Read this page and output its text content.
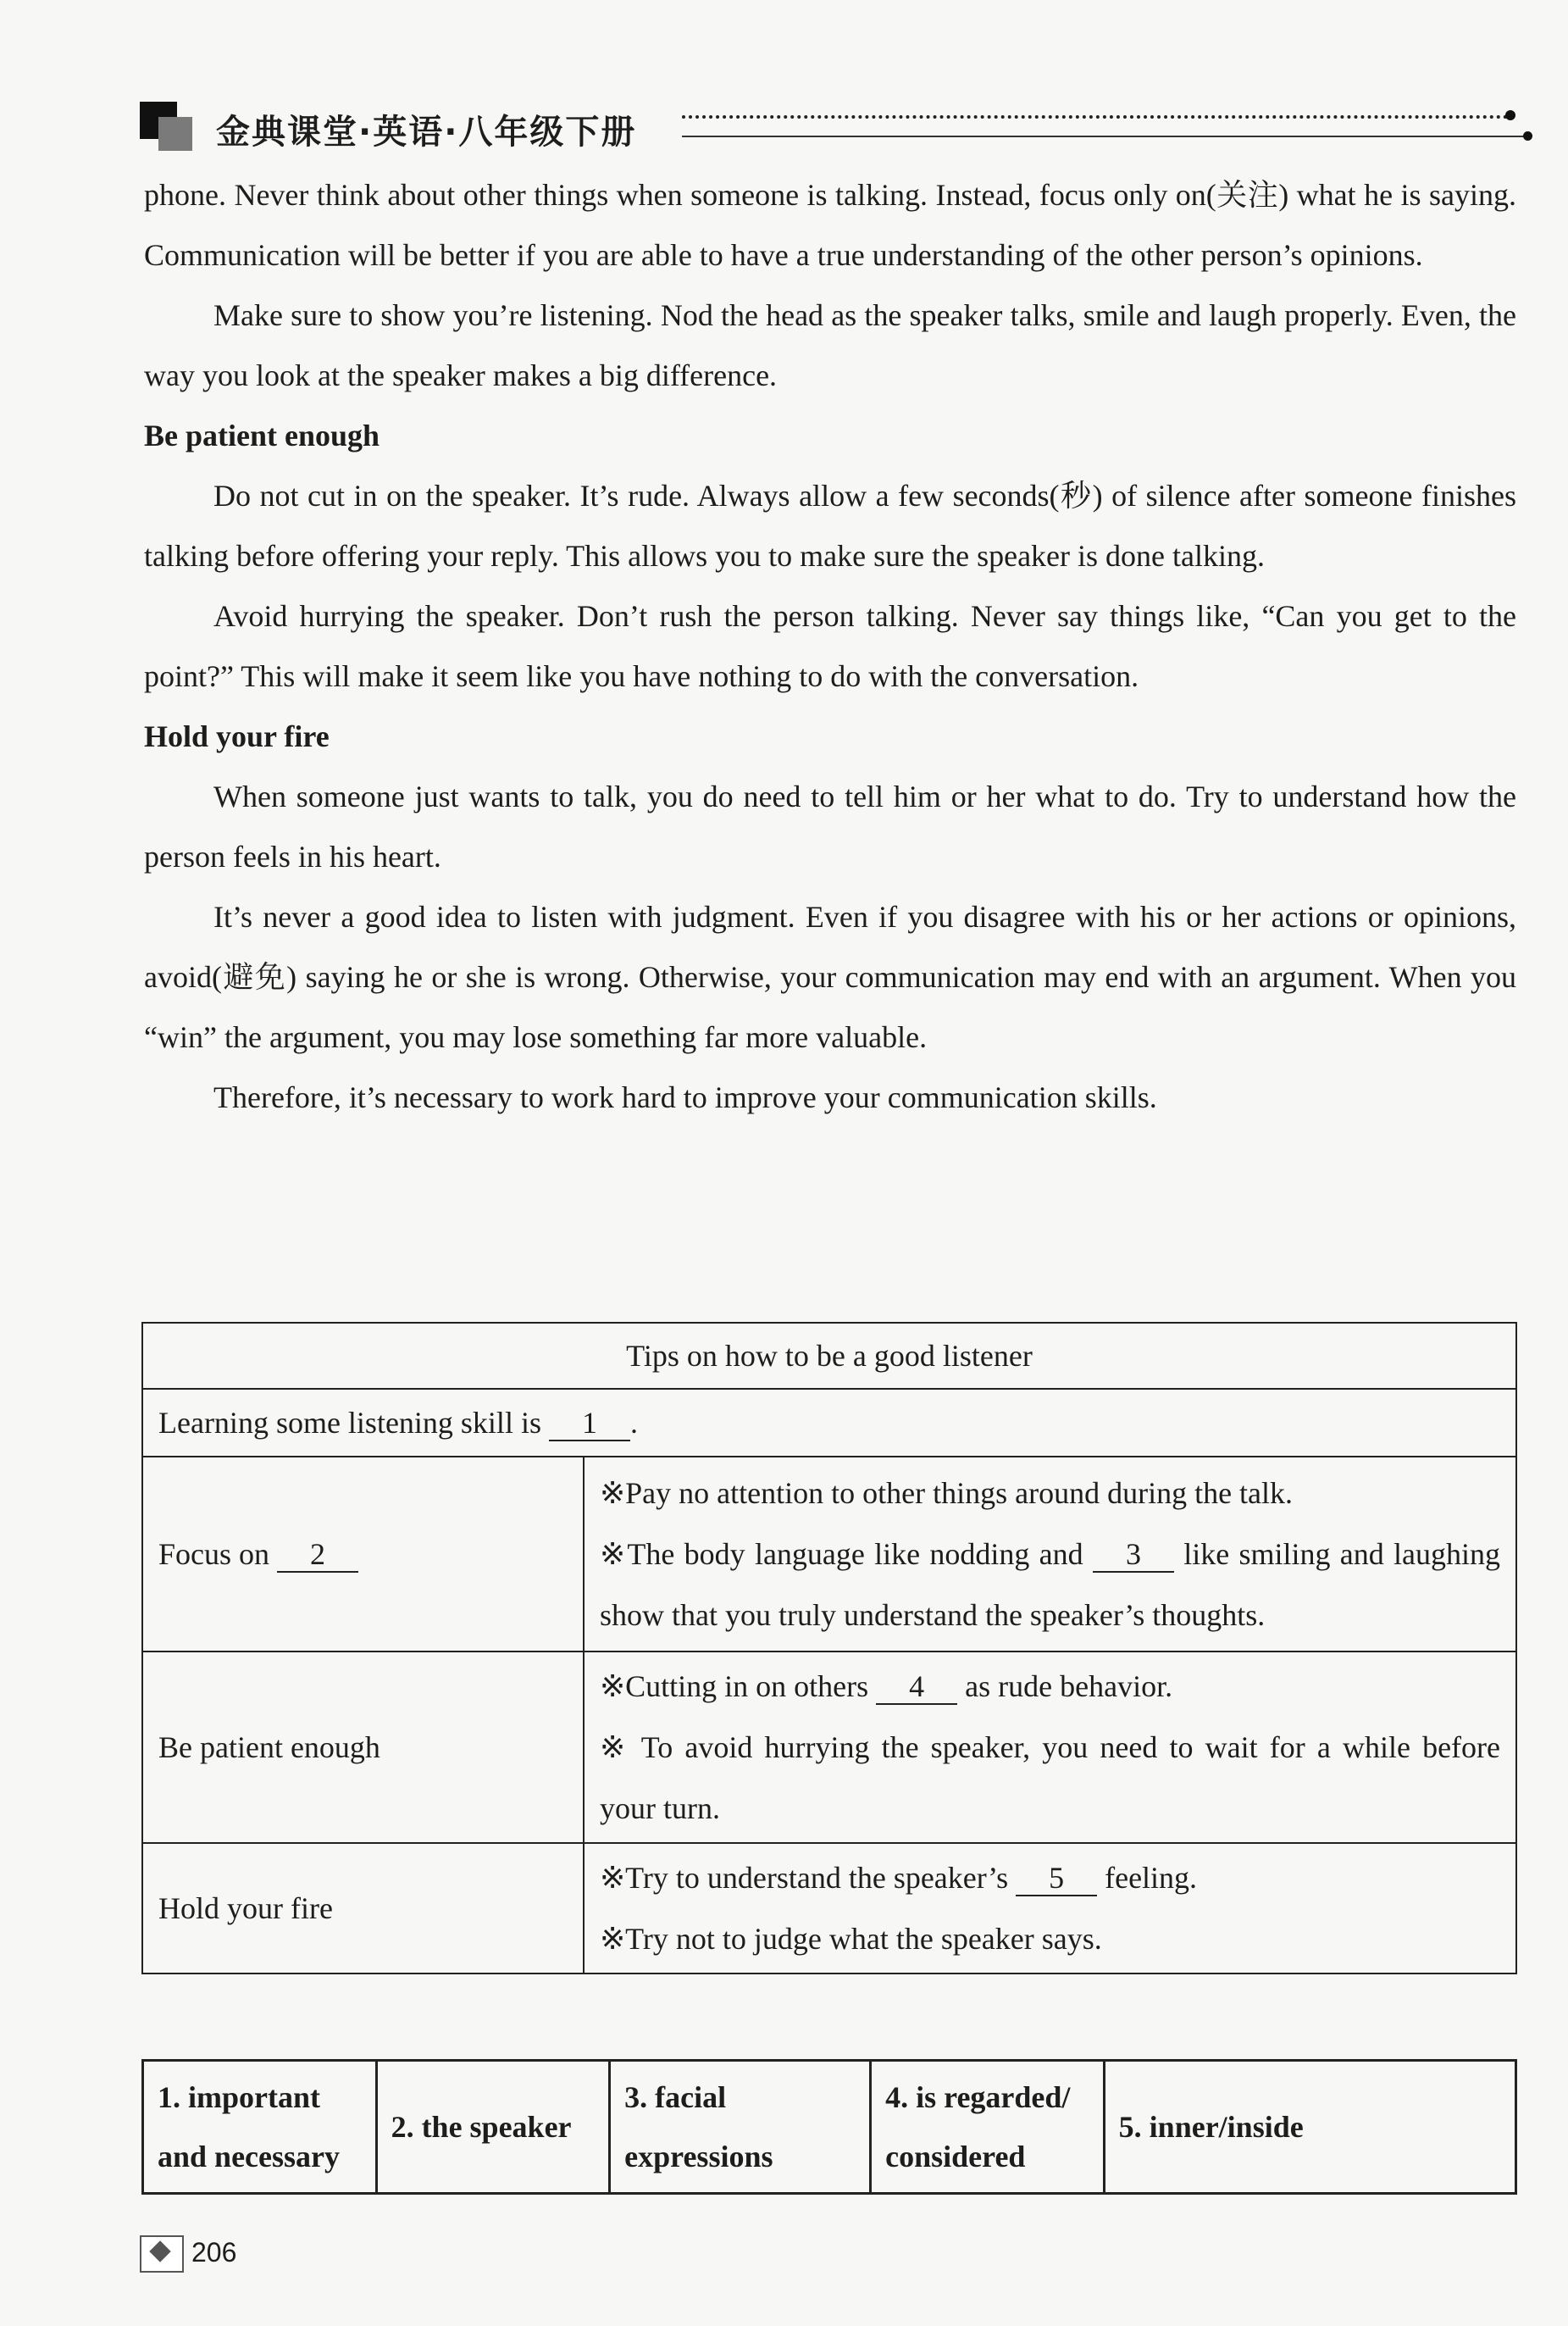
金典课堂·英语·八年级下册

phone. Never think about other things when someone is talking. Instead, focus only on(关注) what he is saying. Communication will be better if you are able to have a true understanding of the other person’s opinions.

Make sure to show you’re listening. Nod the head as the speaker talks, smile and laugh properly. Even, the way you look at the speaker makes a big difference.

Be patient enough

Do not cut in on the speaker. It’s rude. Always allow a few seconds(秒) of silence after someone finishes talking before offering your reply. This allows you to make sure the speaker is done talking.

Avoid hurrying the speaker. Don’t rush the person talking. Never say things like, “Can you get to the point?” This will make it seem like you have nothing to do with the conversation.

Hold your fire

When someone just wants to talk, you do need to tell him or her what to do. Try to understand how the person feels in his heart.

It’s never a good idea to listen with judgment. Even if you disagree with his or her actions or opinions, avoid(避免) saying he or she is wrong. Otherwise, your communication may end with an argument. When you “win” the argument, you may lose something far more valuable.

Therefore, it’s necessary to work hard to improve your communication skills.

Tips on how to be a good listener	
Learning some listening skill is 1 .	
Focus on 2	※Pay no attention to other things around during the talk.

※The body language like nodding and 3 like smiling and laughing show that you truly understand the speaker’s thoughts.

Be patient enough	※Cutting in on others 4 as rude behavior.

※ To avoid hurrying the speaker, you need to wait for a while before your turn.

Hold your fire	※Try to understand the speaker’s 5 feeling.

※Try not to judge what the speaker says.

1. important and necessary	2. the speaker	3. facial expressions	4. is regarded/ considered	5. inner/inside
206
